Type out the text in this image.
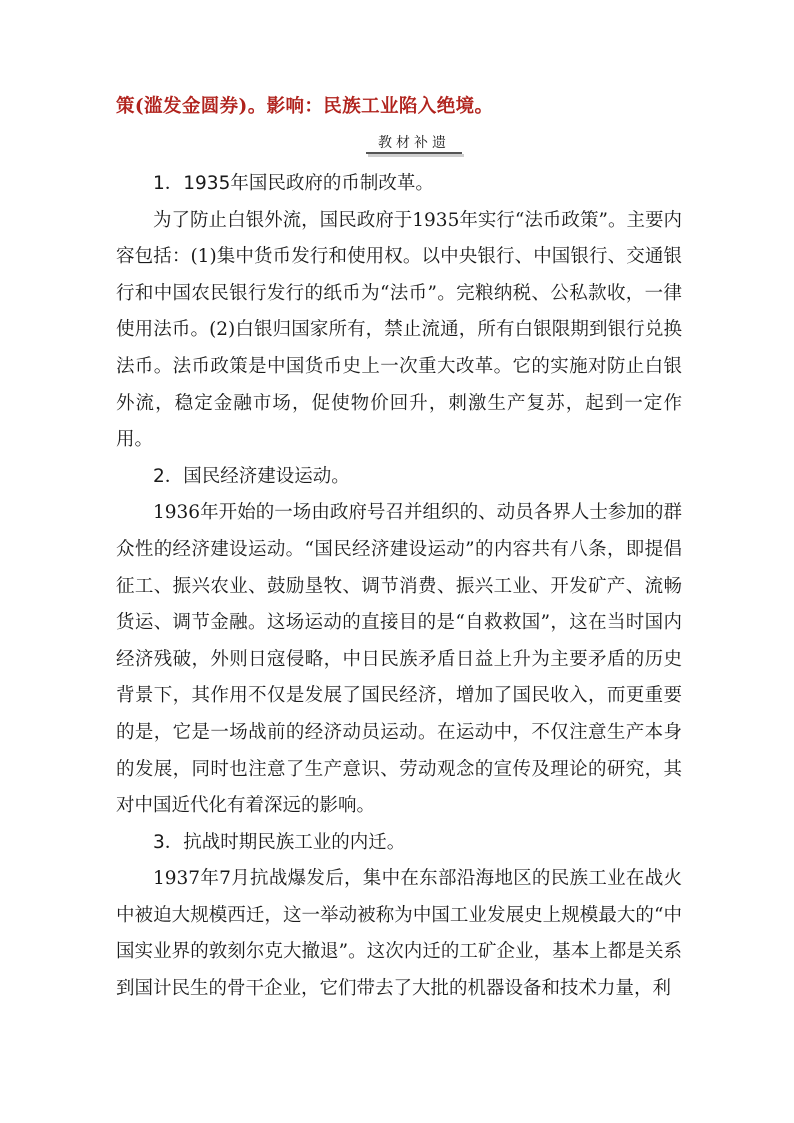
策(滥发金圆券)。影响：民族工业陷入绝境。
教材补遗

1．1935年国民政府的币制改革。

为了防止白银外流，国民政府于1935年实行“法币政策”。主要内容包括：(1)集中货币发行和使用权。以中央银行、中国银行、交通银行和中国农民银行发行的纸币为“法币”。完粮纳税、公私款收，一律使用法币。(2)白银归国家所有，禁止流通，所有白银限期到银行兑换法币。法币政策是中国货币史上一次重大改革。它的实施对防止白银外流，稳定金融市场，促使物价回升，刺激生产复苏，起到一定作用。

2．国民经济建设运动。

1936年开始的一场由政府号召并组织的、动员各界人士参加的群众性的经济建设运动。“国民经济建设运动”的内容共有八条，即提倡征工、振兴农业、鼓励垦牧、调节消费、振兴工业、开发矿产、流畅货运、调节金融。这场运动的直接目的是“自救救国”，这在当时国内经济残破，外则日寇侵略，中日民族矛盾日益上升为主要矛盾的历史背景下，其作用不仅是发展了国民经济，增加了国民收入，而更重要的是，它是一场战前的经济动员运动。在运动中，不仅注意生产本身的发展，同时也注意了生产意识、劳动观念的宣传及理论的研究，其对中国近代化有着深远的影响。

3．抗战时期民族工业的内迁。

1937年7月抗战爆发后，集中在东部沿海地区的民族工业在战火中被迫大规模西迁，这一举动被称为中国工业发展史上规模最大的“中国实业界的敦刻尔克大撤退”。这次内迁的工矿企业，基本上都是关系到国计民生的骨干企业，它们带去了大批的机器设备和技术力量，利
